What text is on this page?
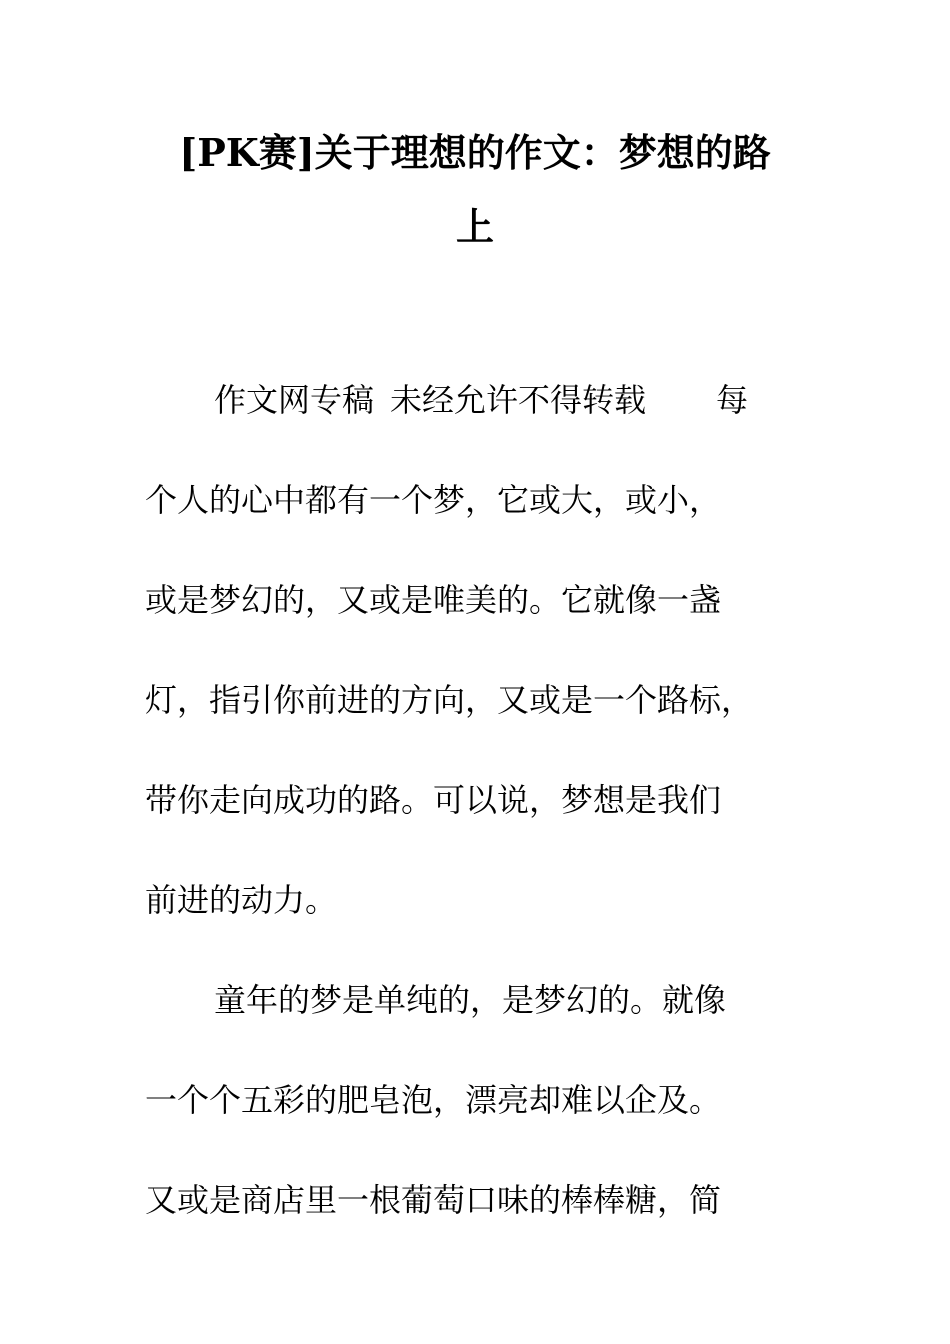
[PK赛]关于理想的作文：梦想的路
上

作文网专稿 未经允许不得转载 每

个人的心中都有一个梦，它或大，或小，

或是梦幻的，又或是唯美的。它就像一盏

灯，指引你前进的方向，又或是一个路标，

带你走向成功的路。可以说，梦想是我们

前进的动力。

童年的梦是单纯的，是梦幻的。就像

一个个五彩的肥皂泡，漂亮却难以企及。

又或是商店里一根葡萄口味的棒棒糖，简
